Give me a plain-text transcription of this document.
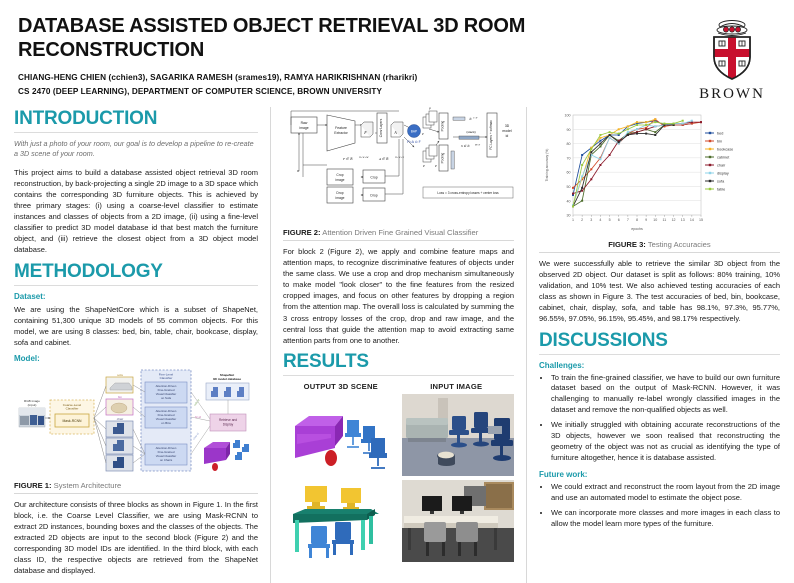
DATABASE ASSISTED OBJECT RETRIEVAL 3D ROOM RECONSTRUCTION
CHIANG-HENG CHIEN (cchien3), SAGARIKA RAMESH (srames19), RAMYA HARIKRISHNAN (rharikri)
CS 2470 (DEEP LEARNING), DEPARTMENT OF COMPUTER SCIENCE, BROWN UNIVERSITY	BROWN
INTRODUCTION

With just a photo of your room, our goal is to develop a pipeline to re-create a 3D scene of your room.

This project aims to build a database assisted object retrieval 3D room reconstruction, by back-projecting a single 2D image to a 3D space which contains the corresponding 3D furniture objects. This is achieved by three primary stages: (i) using a coarse-level classifier to estimate instances and classes of objects from a 2D image, (ii) using a fine-level classifier to predict 3D model database id that best match the furniture object, and (iii) retrieve the closest object from a 3D object model database.

METHODOLOGY
Dataset:

We are using the ShapeNetCore which is a subset of ShapeNet, containing 51,300 unique 3D models of 55 common objects. For this model, we are using 8 classes: bed, bin, table, chair, bookcase, display, sofa and cabinet.

Model:
Coarse-Level
Classifier
Mask-RCNN
RGB image
(input)
sofa
bin
chair
Fine-Level
Classifier
Attention-Driven
Fine-Grained
Visual Classifier
on Sofa
Attention-Driven
Fine-Grained
Visual Classifier
on Bins
Attention-Driven
Fine-Grained
Visual Classifier
on Chairs
ShapeNet
3D model database
Retrieve and
Display
sofa id
bin id
chair id

FIGURE 1: System Architecture

Our architecture consists of three blocks as shown in Figure 1. In the first block, i.e. the Coarse Level Classifier, we are using Mask-RCNN to extract 2D instances, bounding boxes and the classes of the objects. The extracted 2D objects are input to the second block (Figure 2) and the corresponding 3D model IDs are identified. In the third block, with each class ID, the respective objects are retrieved from the ShapeNet database and displayed.

Raw
image	Feature
Extractor	F	Conv Layers	A	BAP
P=A ⊙ F
F ∈ ℝ	H×W×M	A ∈ ℝ	H×W×N
P
P
P	P
Pooling
Pooling
ℝ 1×N
(stack)
X ∈ ℝ	M×N	FC Layers + softmax	3D
model
id
Crop
image
Drop
image
Crop
Drop
Loss = 3 cross-entropy losses + center loss

FIGURE 2: Attention Driven Fine Grained Visual Classifier

For block 2 (Figure 2), we apply and combine feature maps and attention maps, to recognize discriminative features of objects under the same class. We use a crop and drop mechanism simultaneously to make model "look closer" to the fine features from the resized cropped images, and focus on other features by dropping a region from the attention map. The overall loss is calculated by summing the 3 cross entropy losses of the crop, drop and raw image, and the central loss that guide the attention map to avoid extracting same attention parts from one to another.

RESULTS
OUTPUT 3D SCENE	INPUT IMAGE
30
40
50
60
70
80
90
100
1 2 3 4 5 6 7 8 9 10 11 12 13 14 15
epochs
Training accuracy (%)
bed
bin
bookcase
cabinet
chair
display
sofa
table

FIGURE 3: Testing Accuracies

We were successfully able to retrieve the similar 3D object from the observed 2D object. Our dataset is split as follows: 80% training, 10% validation, and 10% test. We also achieved testing accuracies of each class as shown in Figure 3. The test accuracies of bed, bin, bookcase, cabinet, chair, display, sofa, and table has 98.1%, 97.3%, 95.77%, 96.55%, 97.05%, 96.15%, 95.45%, and 98.17% respectively.

DISCUSSIONS
Challenges:
• To train the fine-grained classifier, we have to build our own furniture dataset based on the output of Mask-RCNN. However, it was challenging to manually re-label wrongly classified images in the dataset and remove the non-qualified objects as well.
• We initially struggled with obtaining accurate reconstructions of the 3D objects, however we soon realised that reconstructing the geometry of the object was not as crucial as identifying the type of furniture altogether, hence it is database assisted.
Future work:
• We could extract and reconstruct the room layout from the 2D image and use an automated model to estimate the object pose.
• We can incorporate more classes and more images in each class to allow the model learn more types of the furniture.
